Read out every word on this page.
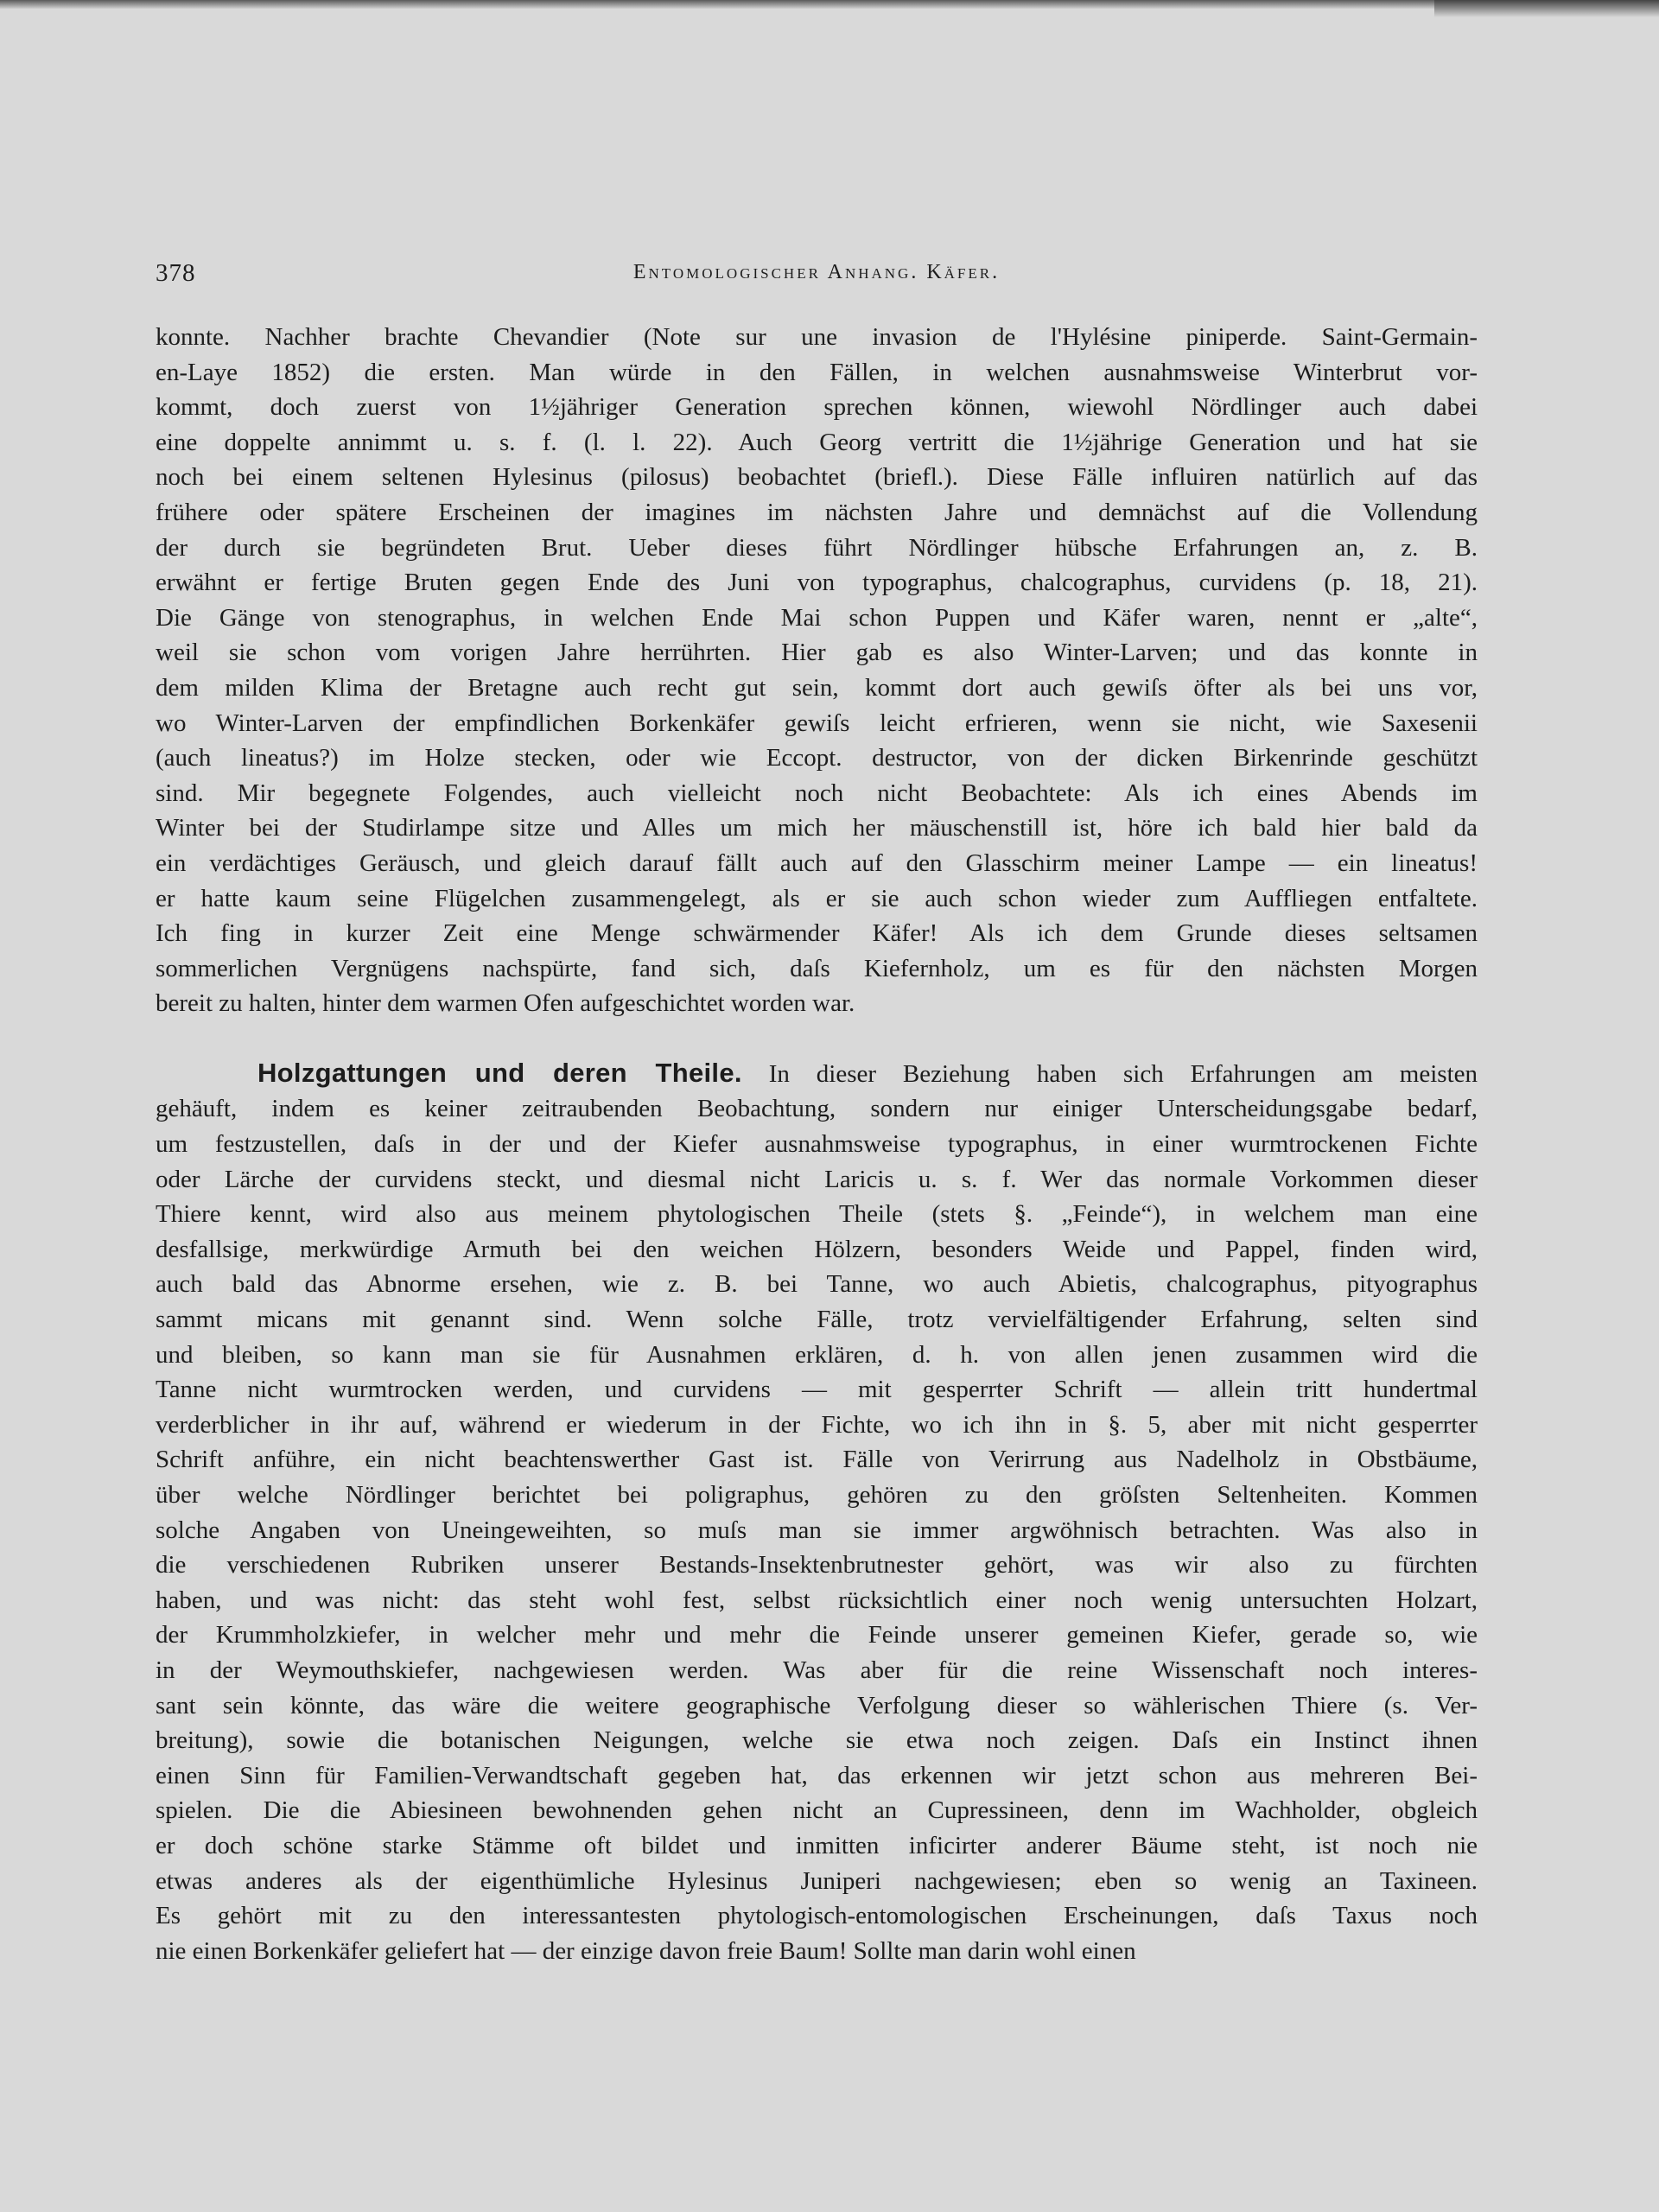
378	Entomologischer Anhang. Käfer.

konnte. Nachher brachte Chevandier (Note sur une invasion de l'Hylésine piniperde. Saint-Germain-
en-Laye 1852) die ersten. Man würde in den Fällen, in welchen ausnahmsweise Winterbrut vor-
kommt, doch zuerst von 1½jähriger Generation sprechen können, wiewohl Nördlinger auch dabei
eine doppelte annimmt u. s. f. (l. l. 22). Auch Georg vertritt die 1½jährige Generation und hat sie
noch bei einem seltenen Hylesinus (pilosus) beobachtet (briefl.). Diese Fälle influiren natürlich auf das
frühere oder spätere Erscheinen der imagines im nächsten Jahre und demnächst auf die Vollendung
der durch sie begründeten Brut. Ueber dieses führt Nördlinger hübsche Erfahrungen an, z. B.
erwähnt er fertige Bruten gegen Ende des Juni von typographus, chalcographus, curvidens (p. 18, 21).
Die Gänge von stenographus, in welchen Ende Mai schon Puppen und Käfer waren, nennt er „alte“,
weil sie schon vom vorigen Jahre herrührten. Hier gab es also Winter-Larven; und das konnte in
dem milden Klima der Bretagne auch recht gut sein, kommt dort auch gewiſs öfter als bei uns vor,
wo Winter-Larven der empfindlichen Borkenkäfer gewiſs leicht erfrieren, wenn sie nicht, wie Saxesenii
(auch lineatus?) im Holze stecken, oder wie Eccopt. destructor, von der dicken Birkenrinde geschützt
sind. Mir begegnete Folgendes, auch vielleicht noch nicht Beobachtete: Als ich eines Abends im
Winter bei der Studirlampe sitze und Alles um mich her mäuschenstill ist, höre ich bald hier bald da
ein verdächtiges Geräusch, und gleich darauf fällt auch auf den Glasschirm meiner Lampe — ein lineatus!
er hatte kaum seine Flügelchen zusammengelegt, als er sie auch schon wieder zum Auffliegen entfaltete.
Ich fing in kurzer Zeit eine Menge schwärmender Käfer! Als ich dem Grunde dieses seltsamen
sommerlichen Vergnügens nachspürte, fand sich, daſs Kiefernholz, um es für den nächsten Morgen
bereit zu halten, hinter dem warmen Ofen aufgeschichtet worden war.

Holzgattungen und deren Theile. In dieser Beziehung haben sich Erfahrungen am meisten
gehäuft, indem es keiner zeitraubenden Beobachtung, sondern nur einiger Unterscheidungsgabe bedarf,
um festzustellen, daſs in der und der Kiefer ausnahmsweise typographus, in einer wurmtrockenen Fichte
oder Lärche der curvidens steckt, und diesmal nicht Laricis u. s. f. Wer das normale Vorkommen dieser
Thiere kennt, wird also aus meinem phytologischen Theile (stets §. „Feinde“), in welchem man eine
desfallsige, merkwürdige Armuth bei den weichen Hölzern, besonders Weide und Pappel, finden wird,
auch bald das Abnorme ersehen, wie z. B. bei Tanne, wo auch Abietis, chalcographus, pityographus
sammt micans mit genannt sind. Wenn solche Fälle, trotz vervielfältigender Erfahrung, selten sind
und bleiben, so kann man sie für Ausnahmen erklären, d. h. von allen jenen zusammen wird die
Tanne nicht wurmtrocken werden, und curvidens — mit gesperrter Schrift — allein tritt hundertmal
verderblicher in ihr auf, während er wiederum in der Fichte, wo ich ihn in §. 5, aber mit nicht gesperrter
Schrift anführe, ein nicht beachtenswerther Gast ist. Fälle von Verirrung aus Nadelholz in Obstbäume,
über welche Nördlinger berichtet bei poligraphus, gehören zu den gröſsten Seltenheiten. Kommen
solche Angaben von Uneingeweihten, so muſs man sie immer argwöhnisch betrachten. Was also in
die verschiedenen Rubriken unserer Bestands-Insektenbrutnester gehört, was wir also zu fürchten
haben, und was nicht: das steht wohl fest, selbst rücksichtlich einer noch wenig untersuchten Holzart,
der Krummholzkiefer, in welcher mehr und mehr die Feinde unserer gemeinen Kiefer, gerade so, wie
in der Weymouthskiefer, nachgewiesen werden. Was aber für die reine Wissenschaft noch interes-
sant sein könnte, das wäre die weitere geographische Verfolgung dieser so wählerischen Thiere (s. Ver-
breitung), sowie die botanischen Neigungen, welche sie etwa noch zeigen. Daſs ein Instinct ihnen
einen Sinn für Familien-Verwandtschaft gegeben hat, das erkennen wir jetzt schon aus mehreren Bei-
spielen. Die die Abiesineen bewohnenden gehen nicht an Cupressineen, denn im Wachholder, obgleich
er doch schöne starke Stämme oft bildet und inmitten inficirter anderer Bäume steht, ist noch nie
etwas anderes als der eigenthümliche Hylesinus Juniperi nachgewiesen; eben so wenig an Taxineen.
Es gehört mit zu den interessantesten phytologisch-entomologischen Erscheinungen, daſs Taxus noch
nie einen Borkenkäfer geliefert hat — der einzige davon freie Baum! Sollte man darin wohl einen
